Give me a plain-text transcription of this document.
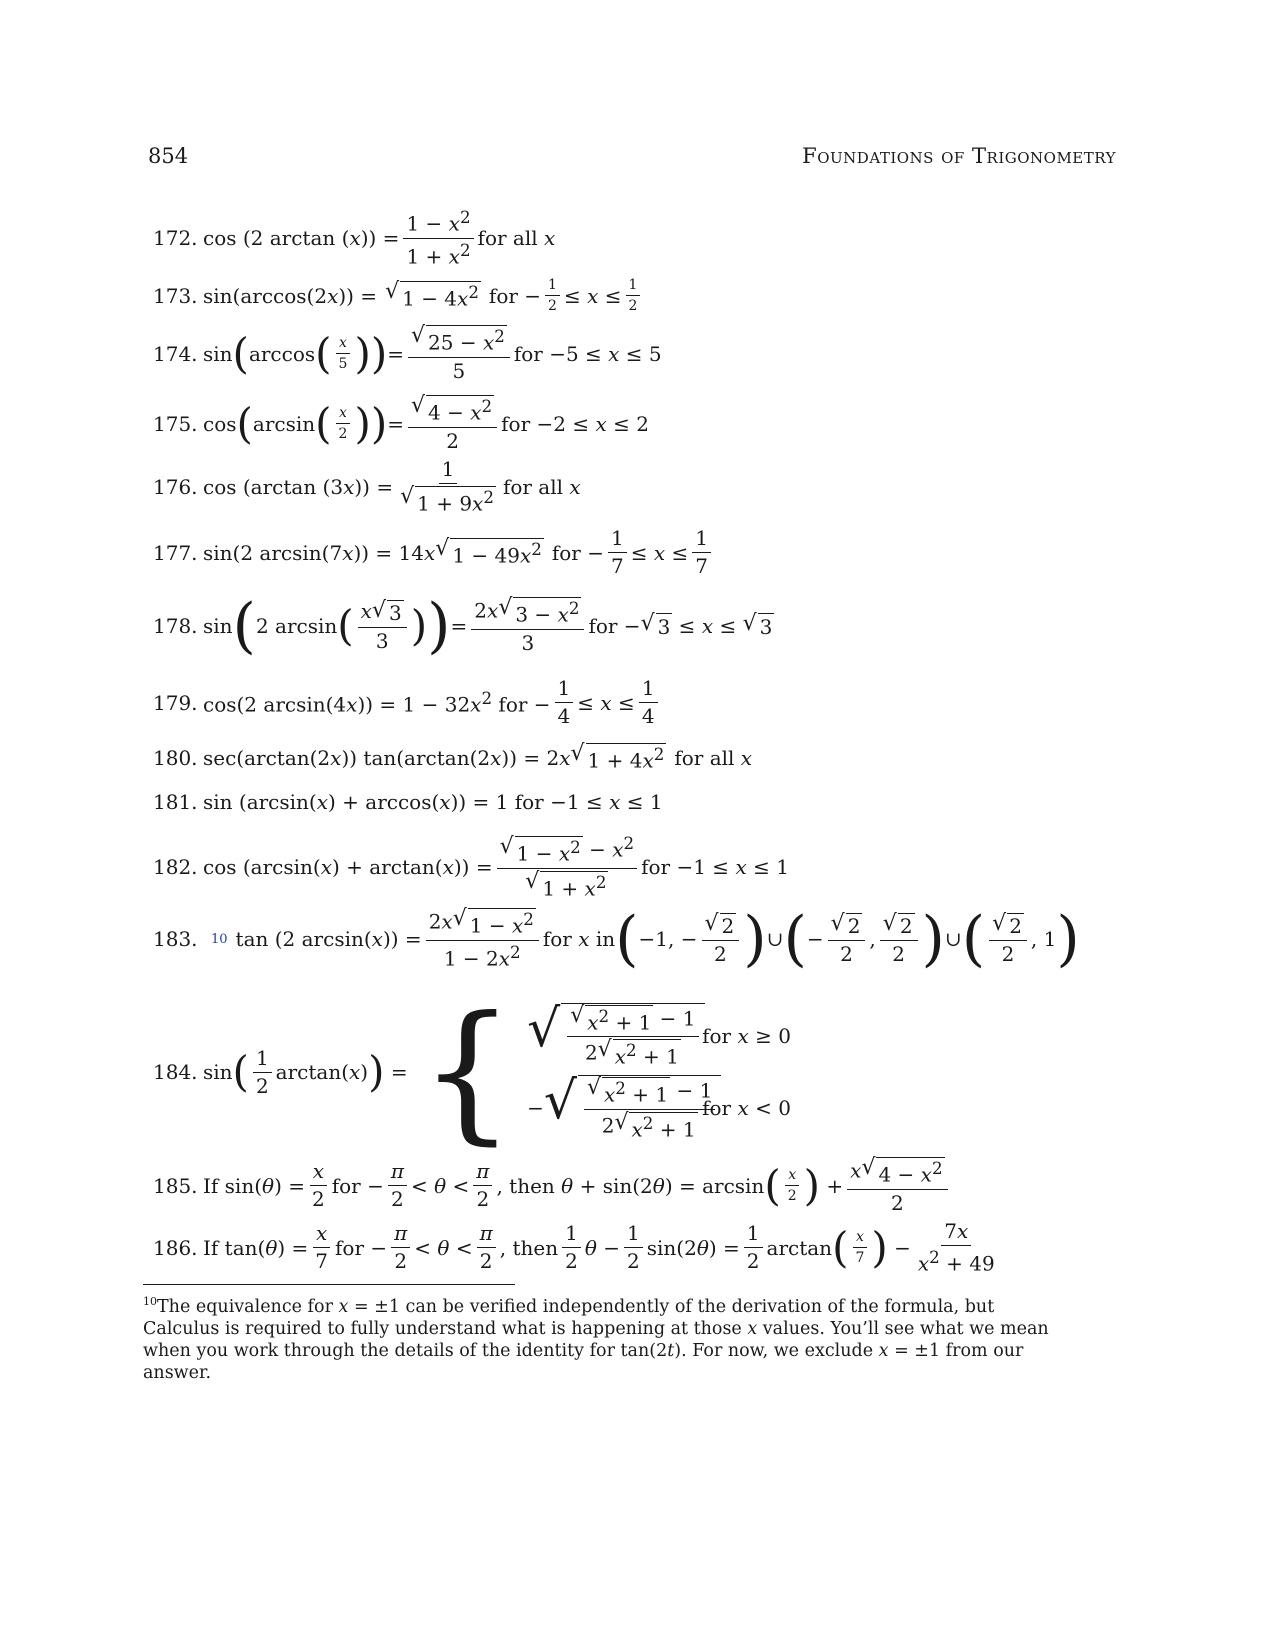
854	Foundations of Trigonometry
172. cos (2 $\arctan (x)) = \frac{1 - x^2}{1 + x^2}$ for all x
173. sin(arccos(2x)) = √ $1 - 4x^2$ for − $\frac{1}{2} \le x \le \frac{1}{2}$
174. sin ( arccos ( $\frac{x}{5}$ )) = $\frac{√ 25 - x^2}{5}$ for −5 ≤ x ≤ 5
175. cos ( arcsin ( $\frac{x}{2}$ )) = $\frac{√ 4 - x^2}{2}$ for −2 ≤ x ≤ 2
176. cos (arctan $(3x)) = \frac{1}{√ 1 + 9x^2}$ for all x
177. sin(2 arcsin(7x)) = 14x √ $1 - 49x^2$ for − $\frac{1}{7} \le x \le \frac{1}{7}$
178. sin ( 2 arcsin ( $\frac{x √ 3}{3}$ ) ) = $\frac{2x √ 3 - x^2}{3}$ for − √ 3 ≤ x ≤ √ 3
179. cos(2 $\arcsin(4x)) = 1 - 32x^2$ for − $\frac{1}{4} \le x \le \frac{1}{4}$
180. sec(arctan(2x)) tan(arctan(2x)) = 2x √ $1 + 4x^2$ for all x
181. sin (arcsin(x) + arccos(x)) = 1 for −1 ≤ x ≤ 1
182. $\cos (\arcsin(x) + \arctan(x)) = \frac{√ 1 - x^2 - x^2}{√ 1 + x^2}$ for −1 ≤ x ≤ 1
183.	10 tan (2 $\arcsin(x)) = \frac{2x √ 1 - x^2}{1 - 2x^2}$ for x in ( −1, − $\frac{√ 2}{2}$ ) ∪ ( − $\frac{√ 2}{2}$ , $\frac{√ 2}{2}$ ) ∪ ( $\frac{√ 2}{2}$ , 1 )
184. sin ( $\frac{1}{2} \arctan(x)$ ) = { √ $\frac{√ x^2 + 1 - 1}{2 √ x^2 + 1}$ for x ≥ 0
− √ $\frac{√ x^2 + 1 - 1}{2 √ x^2 + 1}$
for x < 0
185. If $\sin(\theta) = \frac{x}{2}$ for − $\frac{\pi}{2} < \theta < \frac{\pi}{2}$ , then θ + sin(2θ) = arcsin ( $\frac{x}{2}$ ) + $\frac{x √ 4 - x^2}{2}$
186. If $\tan(\theta) = \frac{x}{7}$ for − $\frac{\pi}{2} < \theta < \frac{\pi}{2}$ , then $\frac{1}{2}$ $\theta - \frac{1}{2} \sin(2\theta) = \frac{1}{2}$ arctan ( $\frac{x}{7}$ ) − $\frac{7x}{x^2 + 49}$
$^{10}$The equivalence for x = ±1 can be verified independently of the derivation of the formula, but Calculus is required to fully understand what is happening at those x values. You’ll see what we mean when you work through the details of the identity for tan(2t). For now, we exclude x = ±1 from our answer.
